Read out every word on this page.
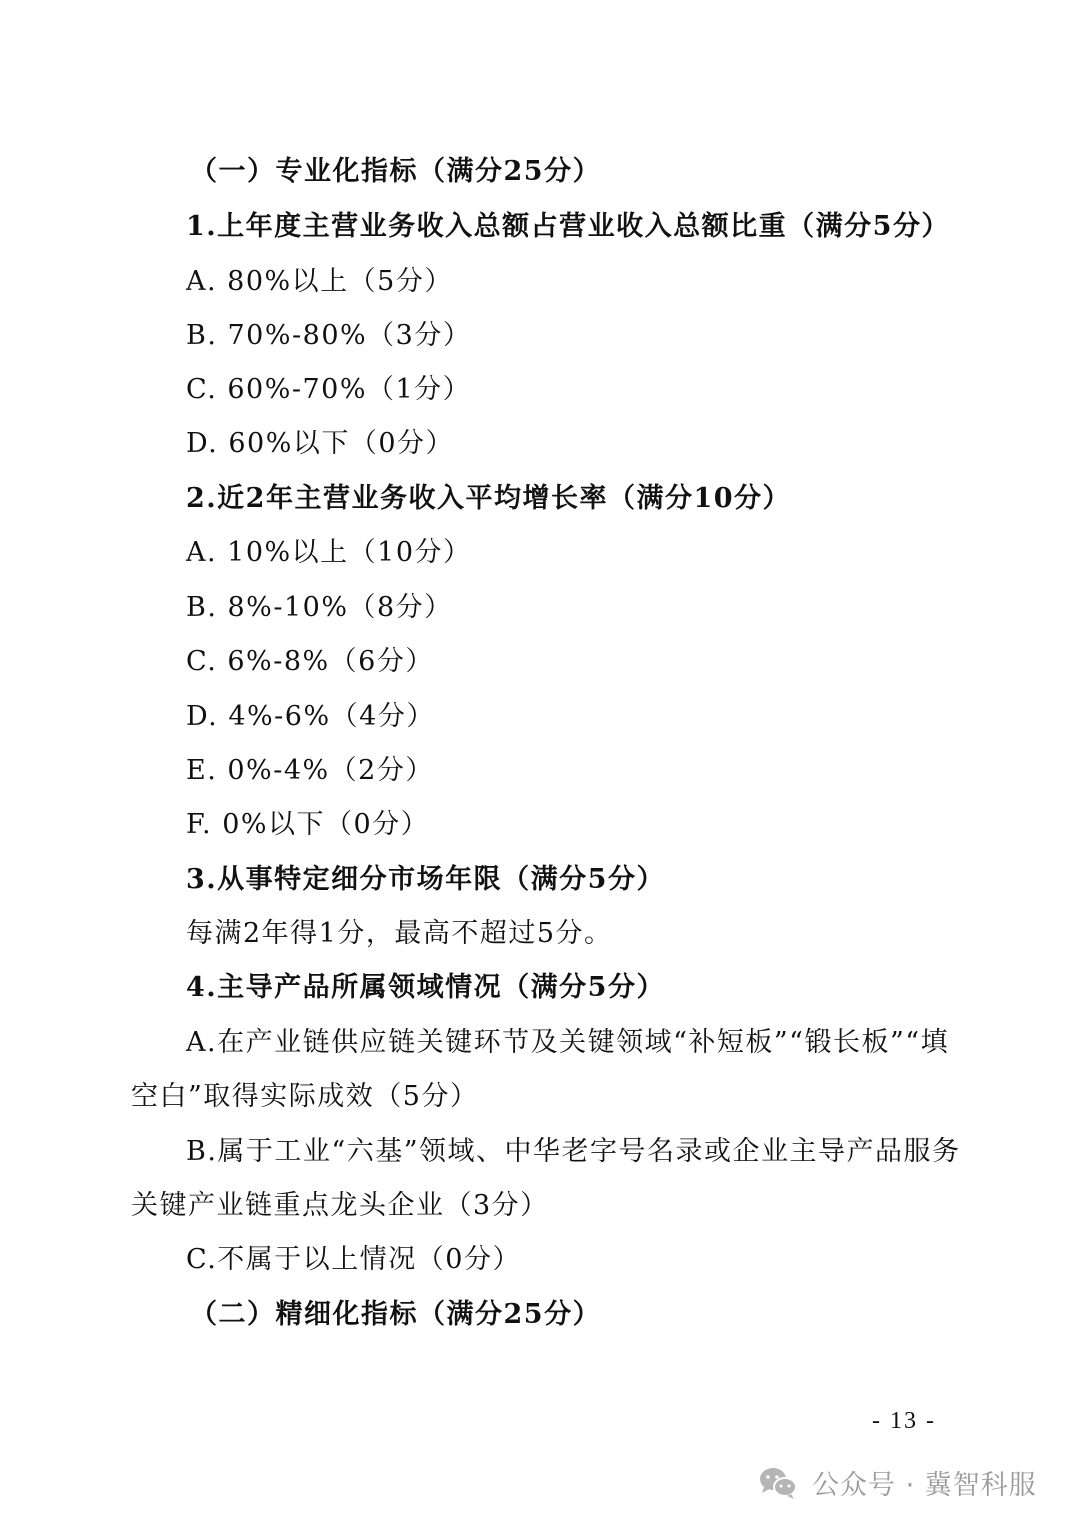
（一）专业化指标（满分25分）
1.上年度主营业务收入总额占营业收入总额比重（满分5分）
A. 80%以上（5分）
B. 70%-80%（3分）
C. 60%-70%（1分）
D. 60%以下（0分）
2.近2年主营业务收入平均增长率（满分10分）
A. 10%以上（10分）
B. 8%-10%（8分）
C. 6%-8%（6分）
D. 4%-6%（4分）
E. 0%-4%（2分）
F. 0%以下（0分）
3.从事特定细分市场年限（满分5分）
每满2年得1分，最高不超过5分。
4.主导产品所属领域情况（满分5分）
A.在产业链供应链关键环节及关键领域“补短板”“锻长板”“填
空白”取得实际成效（5分）
B.属于工业“六基”领域、中华老字号名录或企业主导产品服务
关键产业链重点龙头企业（3分）
C.不属于以上情况（0分）
（二）精细化指标（满分25分）
- 13 -
公众号 · 冀智科服
